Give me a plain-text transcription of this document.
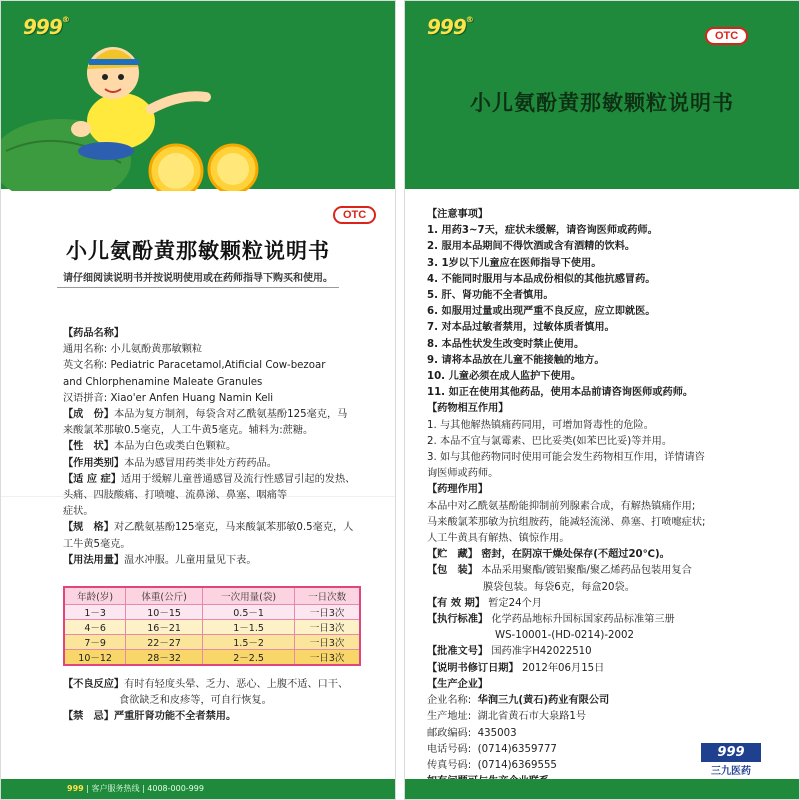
999®
OTC
小儿氨酚黄那敏颗粒说明书
请仔细阅读说明书并按说明使用或在药师指导下购买和使用。
【药品名称】
通用名称: 小儿氨酚黄那敏颗粒
英文名称: Pediatric Paracetamol,Atificial Cow-bezoar
and Chlorphenamine Maleate Granules
汉语拼音: Xiao'er Anfen Huang Namin Keli
【成　份】本品为复方制剂，每袋含对乙酰氨基酚125毫克，马
来酸氯苯那敏0.5毫克，人工牛黄5毫克。辅料为:蔗糖。
【性　状】本品为白色或类白色颗粒。
【作用类别】本品为感冒用药类非处方药药品。
【适 应 症】适用于缓解儿童普通感冒及流行性感冒引起的发热、
头痛、四肢酸痛、打喷嚏、流鼻涕、鼻塞、咽痛等
症状。
【规　格】对乙酰氨基酚125毫克，马来酸氯苯那敏0.5毫克，人
工牛黄5毫克。
【用法用量】温水冲服。儿童用量见下表。
年龄(岁)	体重(公斤)	一次用量(袋)	一日次数
1－3	10－15	0.5－1	一日3次
4－6	16－21	1－1.5	一日3次
7－9	22－27	1.5－2	一日3次
10－12	28－32	2－2.5	一日3次
【不良反应】有时有轻度头晕、乏力、恶心、上腹不适、口干、
食欲缺乏和皮疹等，可自行恢复。
【禁　忌】严重肝肾功能不全者禁用。
999 | 客户服务热线 | 4008-000-999
999®
OTC
小儿氨酚黄那敏颗粒说明书
【注意事项】
1. 用药3~7天，症状未缓解，请咨询医师或药师。
2. 服用本品期间不得饮酒或含有酒精的饮料。
3. 1岁以下儿童应在医师指导下使用。
4. 不能同时服用与本品成份相似的其他抗感冒药。
5. 肝、肾功能不全者慎用。
6. 如服用过量或出现严重不良反应，应立即就医。
7. 对本品过敏者禁用，过敏体质者慎用。
8. 本品性状发生改变时禁止使用。
9. 请将本品放在儿童不能接触的地方。
10. 儿童必须在成人监护下使用。
11. 如正在使用其他药品，使用本品前请咨询医师或药师。
【药物相互作用】
1. 与其他解热镇痛药同用，可增加肾毒性的危险。
2. 本品不宜与氯霉素、巴比妥类(如苯巴比妥)等并用。
3. 如与其他药物同时使用可能会发生药物相互作用，详情请咨
询医师或药师。
【药理作用】
本品中对乙酰氨基酚能抑制前列腺素合成，有解热镇痛作用;
马来酸氯苯那敏为抗组胺药，能减轻流涕、鼻塞、打喷嚏症状;
人工牛黄具有解热、镇惊作用。
【贮　藏】 密封，在阴凉干燥处保存(不超过20℃)。
【包　装】 本品采用聚酯/镀铝聚酯/聚乙烯药品包装用复合
膜袋包装。每袋6克，每盒20袋。
【有 效 期】 暂定24个月
【执行标准】 化学药品地标升国标国家药品标准第三册
WS-10001-(HD-0214)-2002
【批准文号】 国药准字H42022510
【说明书修订日期】 2012年06月15日
【生产企业】
企业名称: 华润三九(黄石)药业有限公司
生产地址: 湖北省黄石市大泉路1号
邮政编码: 435003
电话号码: (0714)6359777
传真号码: (0714)6369555
999
三九医药
